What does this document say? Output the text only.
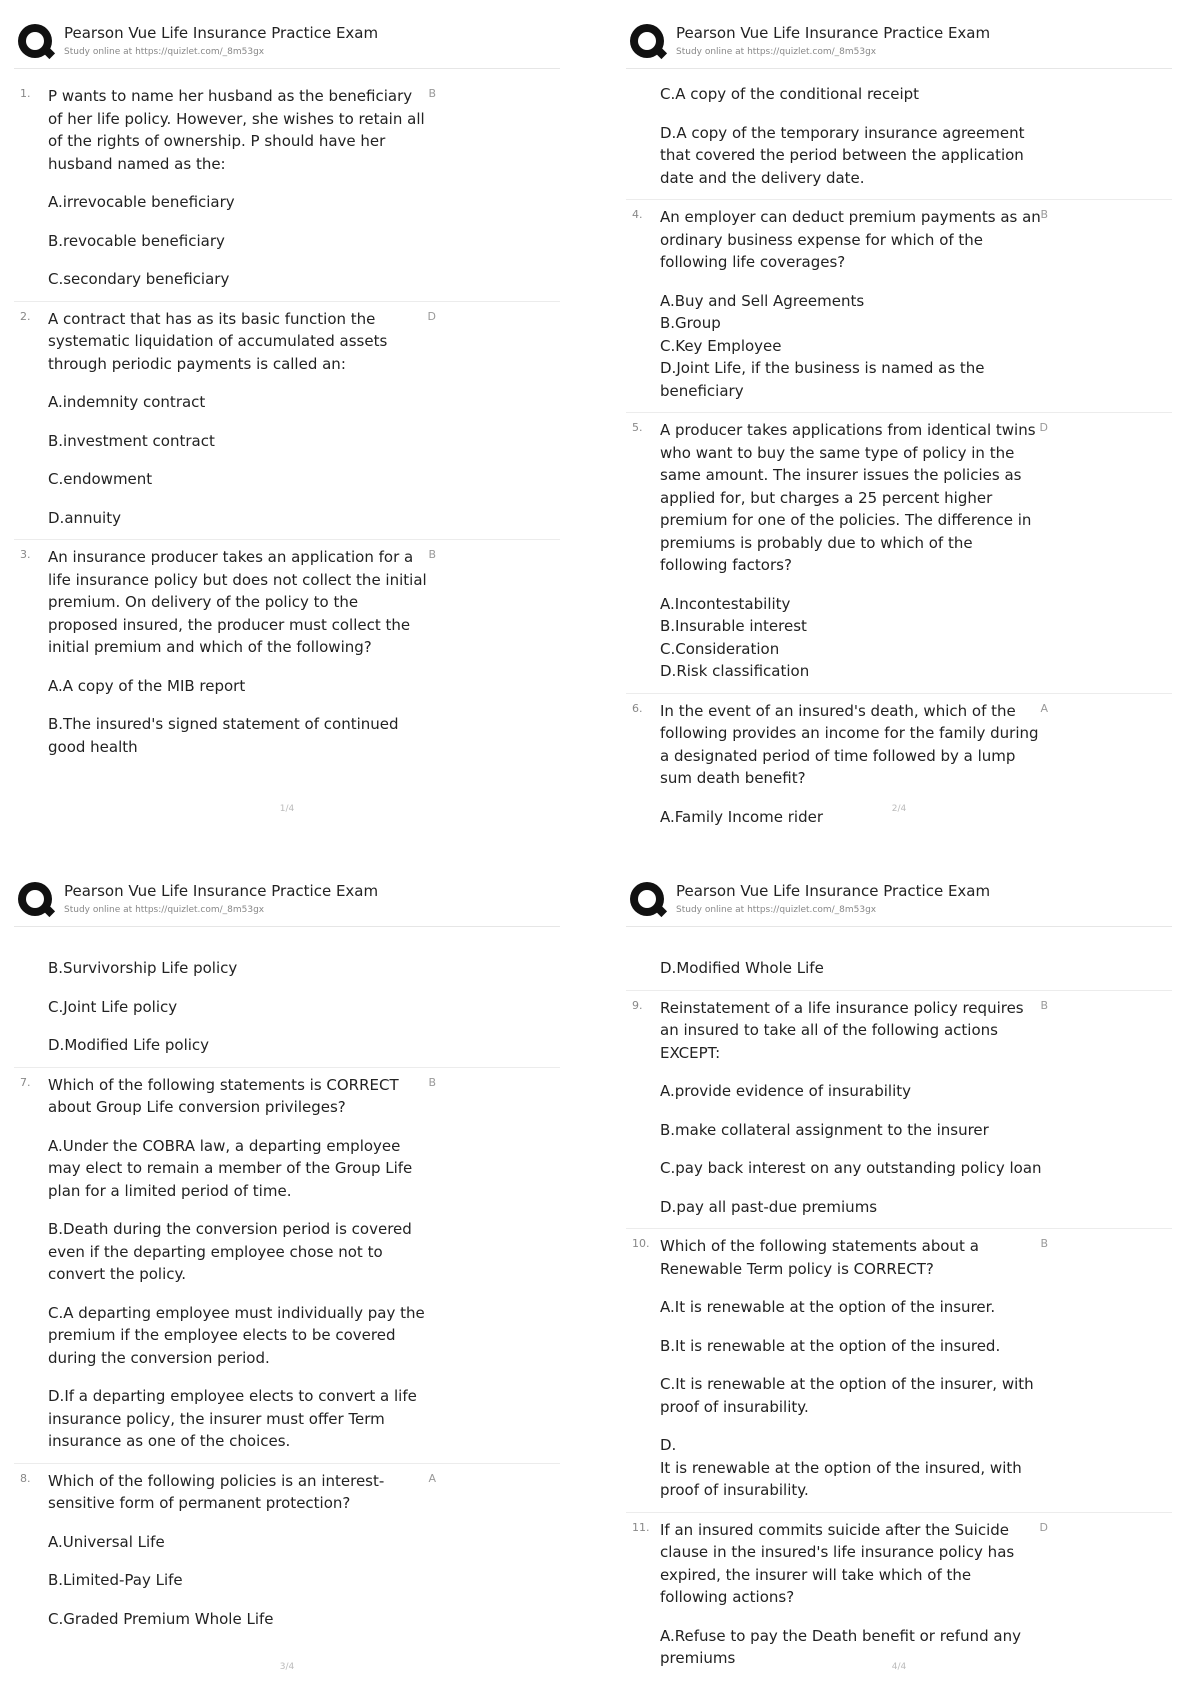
Pearson Vue Life Insurance Practice Exam
Study online at https://quizlet.com/_8m53gx
1.	B
P wants to name her husband as the beneficiary of her life policy. However, she wishes to retain all of the rights of ownership. P should have her husband named as the:
A.irrevocable beneficiary
B.revocable beneficiary
C.secondary beneficiary
2.	D
A contract that has as its basic function the systematic liquidation of accumulated assets through periodic payments is called an:
A.indemnity contract
B.investment contract
C.endowment
D.annuity
3.	B
An insurance producer takes an application for a life insurance policy but does not collect the initial premium. On delivery of the policy to the proposed insured, the producer must collect the initial premium and which of the following?
A.A copy of the MIB report
B.The insured's signed statement of continued good health
1/4
Pearson Vue Life Insurance Practice Exam
Study online at https://quizlet.com/_8m53gx
C.A copy of the conditional receipt
D.A copy of the temporary insurance agreement that covered the period between the application date and the delivery date.
4.	B
An employer can deduct premium payments as an ordinary business expense for which of the following life coverages?
A.Buy and Sell Agreements
B.Group
C.Key Employee
D.Joint Life, if the business is named as the beneficiary
5.	D
A producer takes applications from identical twins who want to buy the same type of policy in the same amount. The insurer issues the policies as applied for, but charges a 25 percent higher premium for one of the policies. The difference in premiums is probably due to which of the following factors?
A.Incontestability
B.Insurable interest
C.Consideration
D.Risk classification
6.	A
In the event of an insured's death, which of the following provides an income for the family during a designated period of time followed by a lump sum death benefit?
A.Family Income rider	2/4
Pearson Vue Life Insurance Practice Exam
Study online at https://quizlet.com/_8m53gx
B.Survivorship Life policy
C.Joint Life policy
D.Modified Life policy
7.	B
Which of the following statements is CORRECT about Group Life conversion privileges?
A.Under the COBRA law, a departing employee may elect to remain a member of the Group Life plan for a limited period of time.
B.Death during the conversion period is covered even if the departing employee chose not to convert the policy.
C.A departing employee must individually pay the premium if the employee elects to be covered during the conversion period.
D.If a departing employee elects to convert a life insurance policy, the insurer must offer Term insurance as one of the choices.
8.	A
Which of the following policies is an interest-sensitive form of permanent protection?
A.Universal Life
B.Limited-Pay Life
C.Graded Premium Whole Life
3/4
Pearson Vue Life Insurance Practice Exam
Study online at https://quizlet.com/_8m53gx
D.Modified Whole Life
9.	B
Reinstatement of a life insurance policy requires an insured to take all of the following actions EXCEPT:
A.provide evidence of insurability
B.make collateral assignment to the insurer
C.pay back interest on any outstanding policy loan
D.pay all past-due premiums
10.	B
Which of the following statements about a Renewable Term policy is CORRECT?
A.It is renewable at the option of the insurer.
B.It is renewable at the option of the insured.
C.It is renewable at the option of the insurer, with proof of insurability.
D.
It is renewable at the option of the insured, with proof of insurability.
11.	D
If an insured commits suicide after the Suicide clause in the insured's life insurance policy has expired, the insurer will take which of the following actions?
A.Refuse to pay the Death benefit or refund any premiums	4/4
